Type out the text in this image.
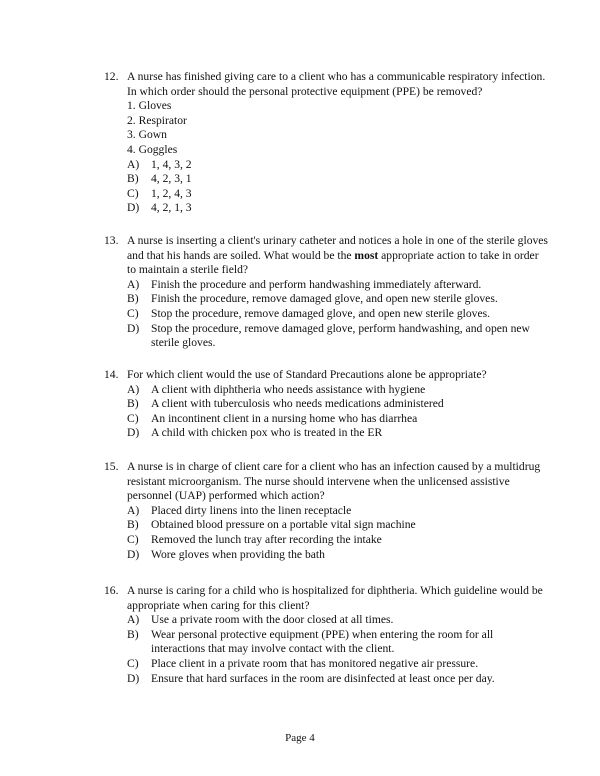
12. A nurse has finished giving care to a client who has a communicable respiratory infection. In which order should the personal protective equipment (PPE) be removed?

1. Gloves

2. Respirator

3. Gown

4. Goggles

A)	1, 4, 3, 2
B)	4, 2, 3, 1
C)	1, 2, 4, 3
D)	4, 2, 1, 3
13. A nurse is inserting a client's urinary catheter and notices a hole in one of the sterile gloves and that his hands are soiled. What would be the most appropriate action to take in order to maintain a sterile field?

A)	Finish the procedure and perform handwashing immediately afterward.
B)	Finish the procedure, remove damaged glove, and open new sterile gloves.
C)	Stop the procedure, remove damaged glove, and open new sterile gloves.
D)	Stop the procedure, remove damaged glove, perform handwashing, and open new sterile gloves.
14. For which client would the use of Standard Precautions alone be appropriate?

A)	A client with diphtheria who needs assistance with hygiene
B)	A client with tuberculosis who needs medications administered
C)	An incontinent client in a nursing home who has diarrhea
D)	A child with chicken pox who is treated in the ER
15. A nurse is in charge of client care for a client who has an infection caused by a multidrug resistant microorganism. The nurse should intervene when the unlicensed assistive personnel (UAP) performed which action?

A)	Placed dirty linens into the linen receptacle
B)	Obtained blood pressure on a portable vital sign machine
C)	Removed the lunch tray after recording the intake
D)	Wore gloves when providing the bath
16. A nurse is caring for a child who is hospitalized for diphtheria. Which guideline would be appropriate when caring for this client?

A)	Use a private room with the door closed at all times.
B)	Wear personal protective equipment (PPE) when entering the room for all interactions that may involve contact with the client.
C)	Place client in a private room that has monitored negative air pressure.
D)	Ensure that hard surfaces in the room are disinfected at least once per day.
Page 4
